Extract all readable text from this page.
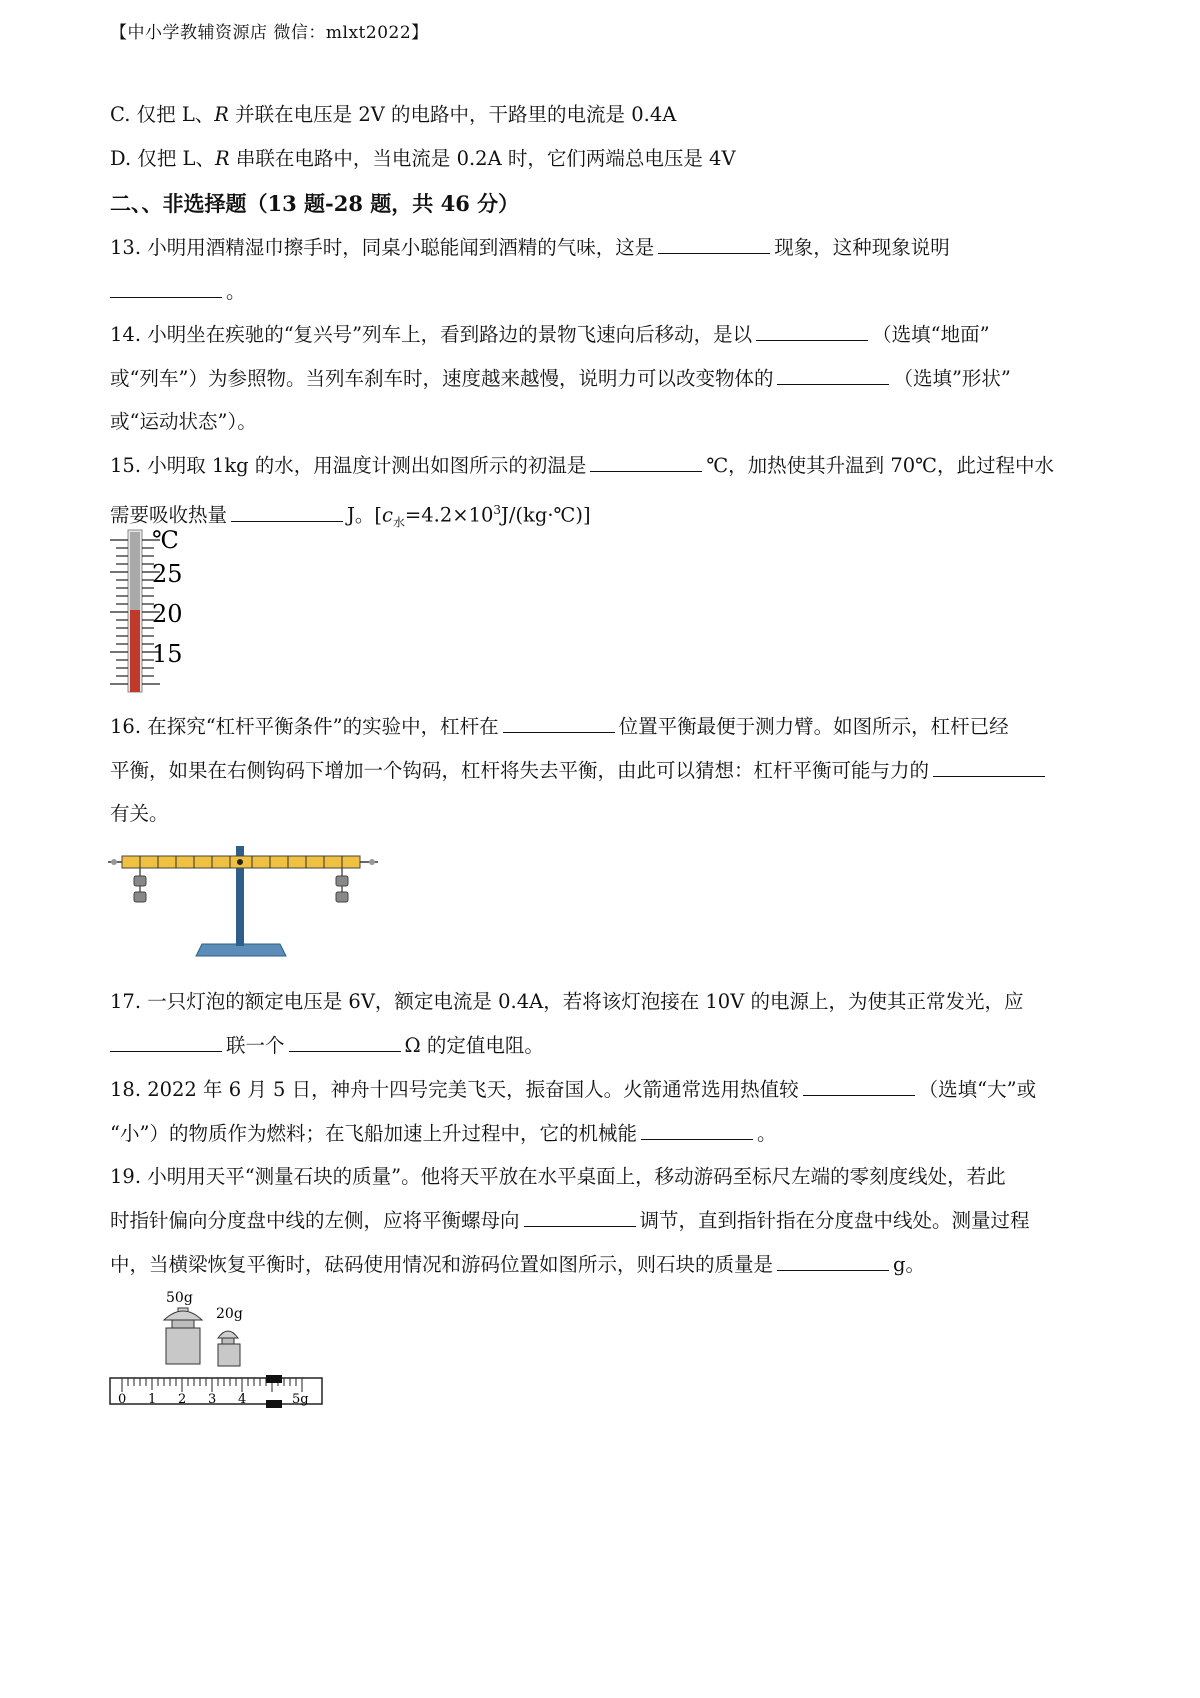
【中小学教辅资源店 微信：mlxt2022】
C. 仅把 L、R 并联在电压是 2V 的电路中，干路里的电流是 0.4A
D. 仅把 L、R 串联在电路中，当电流是 0.2A 时，它们两端总电压是 4V
二、、非选择题（13 题-28 题，共 46 分）
13. 小明用酒精湿巾擦手时，同桌小聪能闻到酒精的气味，这是	现象，这种现象说明
。
14. 小明坐在疾驰的“复兴号”列车上，看到路边的景物飞速向后移动，是以	（选填“地面”
或“列车”）为参照物。当列车刹车时，速度越来越慢，说明力可以改变物体的	（选填”形状”
或“运动状态”）。
15. 小明取 1kg 的水，用温度计测出如图所示的初温是	℃，加热使其升温到 70℃，此过程中水
需要吸收热量	J。$[c_水=4.2\times 10^3J/(kg\cdot℃)]$
℃
25
20
15
16. 在探究“杠杆平衡条件”的实验中，杠杆在	位置平衡最便于测力臂。如图所示，杠杆已经
平衡，如果在右侧钩码下增加一个钩码，杠杆将失去平衡，由此可以猜想：杠杆平衡可能与力的
有关。
17. 一只灯泡的额定电压是 6V，额定电流是 0.4A，若将该灯泡接在 10V 的电源上，为使其正常发光，应
联一个	Ω 的定值电阻。
18. 2022 年 6 月 5 日，神舟十四号完美飞天，振奋国人。火箭通常选用热值较	（选填“大”或
“小”）的物质作为燃料；在飞船加速上升过程中，它的机械能	。
19. 小明用天平“测量石块的质量”。他将天平放在水平桌面上，移动游码至标尺左端的零刻度线处，若此
时指针偏向分度盘中线的左侧，应将平衡螺母向	调节，直到指针指在分度盘中线处。测量过程
中，当横梁恢复平衡时，砝码使用情况和游码位置如图所示，则石块的质量是	g。
50g
20g
0 1 2 3 4	5g
